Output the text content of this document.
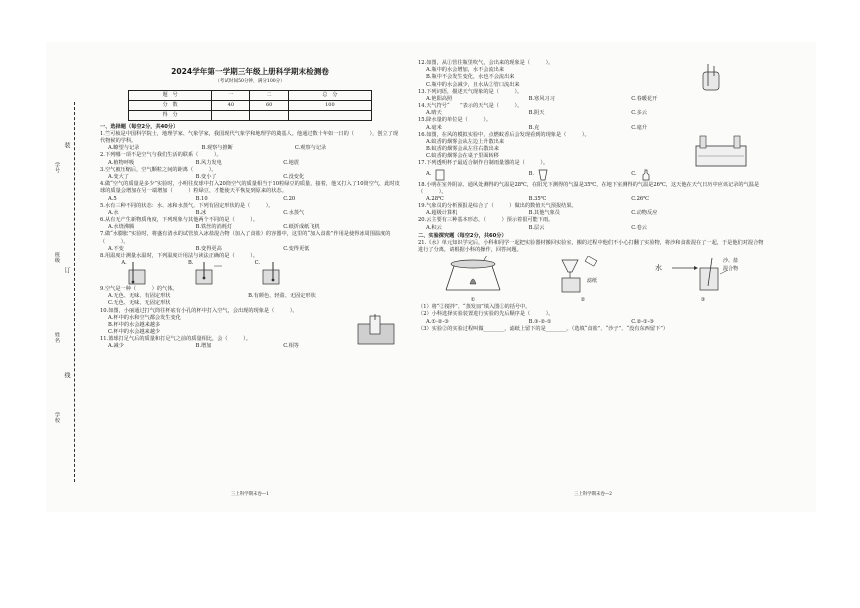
装
订
线
学号
班级
姓名
学校
2024学年第一学期三年级上册科学期末检测卷
（考试时间50分钟，满分100分）
题　号	一	二	总　分
分　数	40	60	100
得　分			
一、选择题（每空2分，共40分）

1.竺可桢是中国科学院士，地理学家、气象学家，我国现代气象学和地理学的奠基人。他通过数十年如一日的（　　　），创立了现代物候的学科。

A.瞭望与记录	B.观察与推断	C.观察与记录

2.下列哪一项不是空气与我们生活的联系（　　　）。

A.植物呼吸	B.风力发电	C.地震

3.空气被压缩后，空气颗粒之间的距离（　　　）。

A.变大了	B.变小了	C.没变化

4.做“空气的质量是多少”实验时，小明往皮球中打入20筒空气的质量相当于10粒绿豆的质量，接着，他又打入了10筒空气，此时皮球的质量会增加在另一端增加（　　　）粒绿豆，才能使天平恢复到原来的状态。

A.5	B.10	C.20

5.水有三种不同的状态：水、冰和水蒸气，下列有固定形状的是（　　　）。

A.水	B.冰	C.水蒸气

6.从有无产生新物质角度，下列现象与其他两个不同的是（　　　）。

A.水烧沸腾	B.铁丝的消耗灯	C.纸折成纸飞机

7.做“水膨胀”实验时，将盛有清水的试管放入冰盐混合物（加入了食盐）的容器中，这里的“加入食盐”作用是使得冰周围温度的（　　　）。

A.不变	B.变得更高	C.变得更低

8.用温度计测量水温时，下列温度计用法与读法正确的是（　　　）。

A.	B.	C.

9.空气是一种（　　　）的气体。

A.无色、无味、有固定形状	B.有颜色、轻盈、无固定形状

C.无色、无味、无固定形状

10.如图，小丽通过打气筒往杯底有小孔的杯中打入空气，会出现的现象是（　　　）。

A.杯中的水和空气都会发生变化

B.杯中的水会越来越多

C.杯中的水会越来越少

11.篮球打足气后的质量和打足气之前的质量相比，会（　　　）。

A.减少	B.增加	C.相等

三上科学期末卷—1

12.如图，从①管往瓶里吹气，会出来的现象是（　　　）。

A.瓶中的水会增加，水不会流出来

B.瓶中不会发生变化，水也不会流出来

C.瓶中的水会减少，且水从②管口流出来

13.下列词语，描述天气现象的是（　　　）。

A.艳阳高照	B.寒风习习	C.春暖花开

14.天气符号“　　”表示的天气是（　　　）。

A.晴天	B.阴天	C.多云

15.降水量的单位是（　　　）。

A.毫米	B.克	C.毫升

16.如图，在风的模拟实验中，点燃蚊香后会发现看到的现象是（　　　）。

A.蚊香的烟雾会从左边上升散出来

B.蚊香的烟雾会从左往右散出来

C.蚊香的烟雾会在桌子里面转移

17.下列透明杯子最适合制作自制雨量器的是（　　　）。

A.	B.	C.

18.小明在室外阴凉、通风处测得的气温是28℃，在阳光下测得的气温是35℃，在地下室测得的气温是26℃，这天他在天气日历中应该记录的气温是（　　　）。

A.28℃	B.35℃	C.26℃

19.气象员的分析预报是综合了（　　　）做出的数值天气预报结果。

A.超级计算机	B.其他气象员	C.动物反应

20.云主要有三种基本形态，（　　　）预示着很可能下雨。

A.积云	B.层云	C.卷云

二、实验探究题（每空2分，共60分）

21.《水》单元知识学完后，小科和同学一起把实验器材搬回实验室，搬的过程中他们不小心打翻了实验物，将沙和食盐混在了一起，于是他们对混合物进行了分离，请根据小科的操作，回答问题。

①
滤纸
②
水
沙、盐
混合物
③

（1）将“②搅拌”、“蒸发皿”填入图①的括号中。

（2）小科选择实验装置进行实验的先后顺序是（　　　）。

A.①-②-③	B.③-②-①	C.②-①-③

（3）实验②的实验过程叫做________，滤纸上留下的是________。（选填“食盐”、“沙子”、“没有东西留下”）

三上科学期末卷—2
